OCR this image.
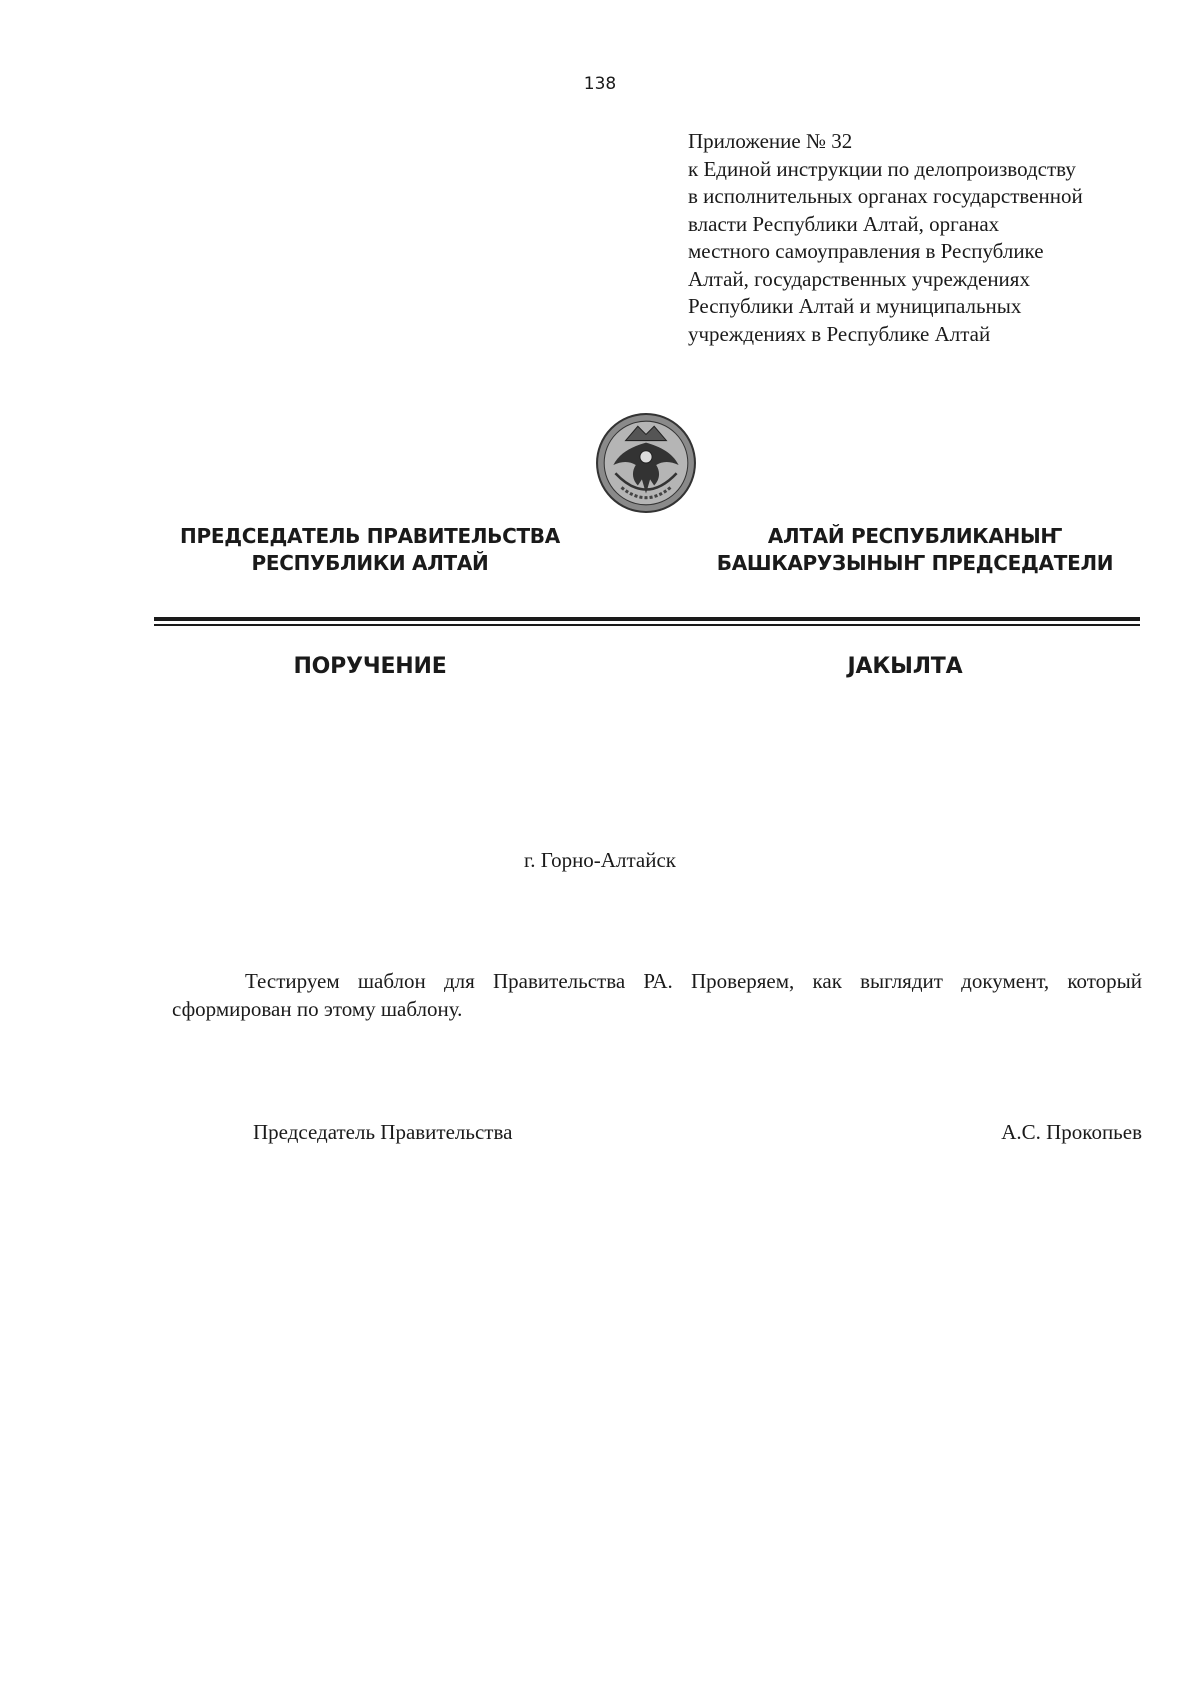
138
Приложение № 32
к Единой инструкции по делопроизводству
в исполнительных органах государственной
власти Республики Алтай, органах
местного самоуправления в Республике
Алтай, государственных учреждениях
Республики Алтай и муниципальных
учреждениях в Республике Алтай
ПРЕДСЕДАТЕЛЬ ПРАВИТЕЛЬСТВА
РЕСПУБЛИКИ АЛТАЙ
АЛТАЙ РЕСПУБЛИКАНЫҤ
БАШКАРУЗЫНЫҤ ПРЕДСЕДАТЕЛИ
ПОРУЧЕНИЕ	ЈАКЫЛТА
г. Горно-Алтайск
Тестируем шаблон для Правительства РА. Проверяем, как выглядит документ, который сформирован по этому шаблону.
Председатель Правительства	А.С. Прокопьев
